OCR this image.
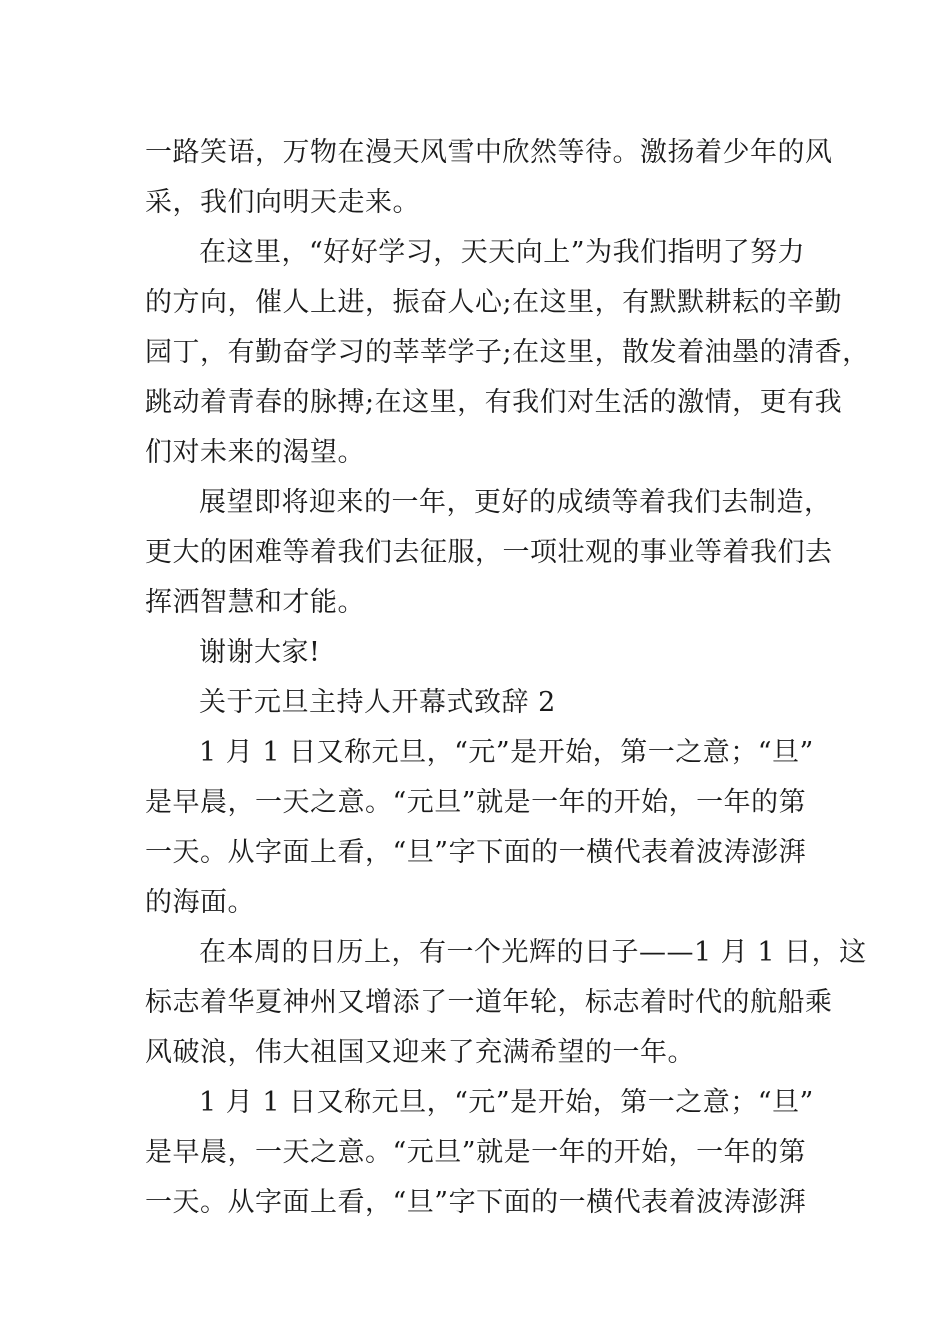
一路笑语，万物在漫天风雪中欣然等待。激扬着少年的风
采，我们向明天走来。

在这里，“好好学习，天天向上”为我们指明了努力
的方向，催人上进，振奋人心;在这里，有默默耕耘的辛勤
园丁，有勤奋学习的莘莘学子;在这里，散发着油墨的清香，
跳动着青春的脉搏;在这里，有我们对生活的激情，更有我
们对未来的渴望。

展望即将迎来的一年，更好的成绩等着我们去制造，
更大的困难等着我们去征服，一项壮观的事业等着我们去
挥洒智慧和才能。

谢谢大家!

关于元旦主持人开幕式致辞 2

1 月 1 日又称元旦，“元”是开始，第一之意；“旦”
是早晨，一天之意。“元旦”就是一年的开始，一年的第
一天。从字面上看，“旦”字下面的一横代表着波涛澎湃
的海面。

在本周的日历上，有一个光辉的日子——1 月 1 日，这
标志着华夏神州又增添了一道年轮，标志着时代的航船乘
风破浪，伟大祖国又迎来了充满希望的一年。

1 月 1 日又称元旦，“元”是开始，第一之意；“旦”
是早晨，一天之意。“元旦”就是一年的开始，一年的第
一天。从字面上看，“旦”字下面的一横代表着波涛澎湃
